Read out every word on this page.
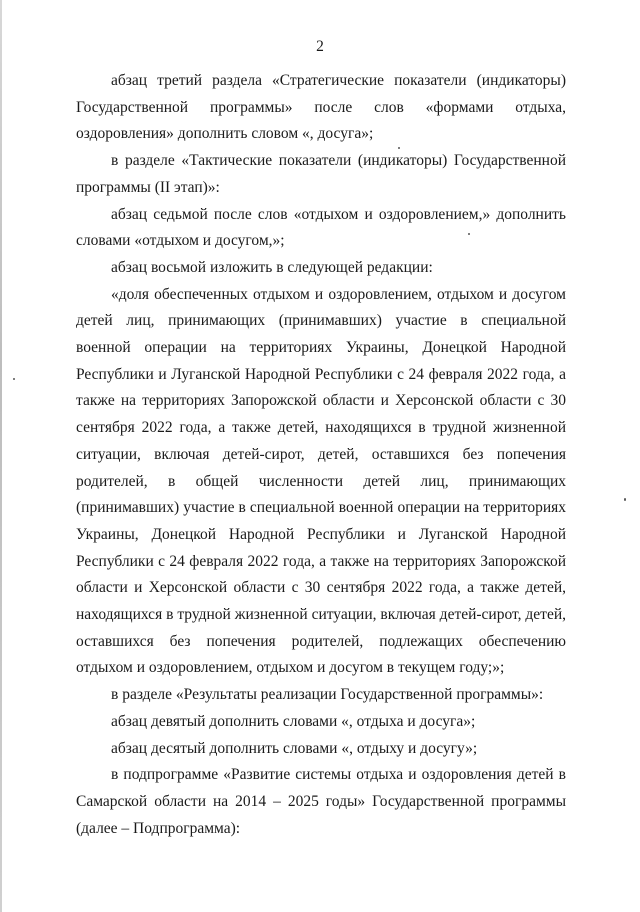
2

абзац третий раздела «Стратегические показатели (индикаторы) Государственной программы» после слов «формами отдыха, оздоровления» дополнить словом «, досуга»;

в разделе «Тактические показатели (индикаторы) Государственной программы (II этап)»:

абзац седьмой после слов «отдыхом и оздоровлением,» дополнить словами «отдыхом и досугом,»;

абзац восьмой изложить в следующей редакции:

«доля обеспеченных отдыхом и оздоровлением, отдыхом и досугом детей лиц, принимающих (принимавших) участие в специальной военной операции на территориях Украины, Донецкой Народной Республики и Луганской Народной Республики с 24 февраля 2022 года, а также на территориях Запорожской области и Херсонской области с 30 сентября 2022 года, а также детей, находящихся в трудной жизненной ситуации, включая детей-сирот, детей, оставшихся без попечения родителей, в общей численности детей лиц, принимающих (принимавших) участие в специальной военной операции на территориях Украины, Донецкой Народной Республики и Луганской Народной Республики с 24 февраля 2022 года, а также на территориях Запорожской области и Херсонской области с 30 сентября 2022 года, а также детей, находящихся в трудной жизненной ситуации, включая детей-сирот, детей, оставшихся без попечения родителей, подлежащих обеспечению отдыхом и оздоровлением, отдыхом и досугом в текущем году;»;

в разделе «Результаты реализации Государственной программы»:

абзац девятый дополнить словами «, отдыха и досуга»;

абзац десятый дополнить словами «, отдыху и досугу»;

в подпрограмме «Развитие системы отдыха и оздоровления детей в Самарской области на 2014 – 2025 годы» Государственной программы (далее – Подпрограмма):
